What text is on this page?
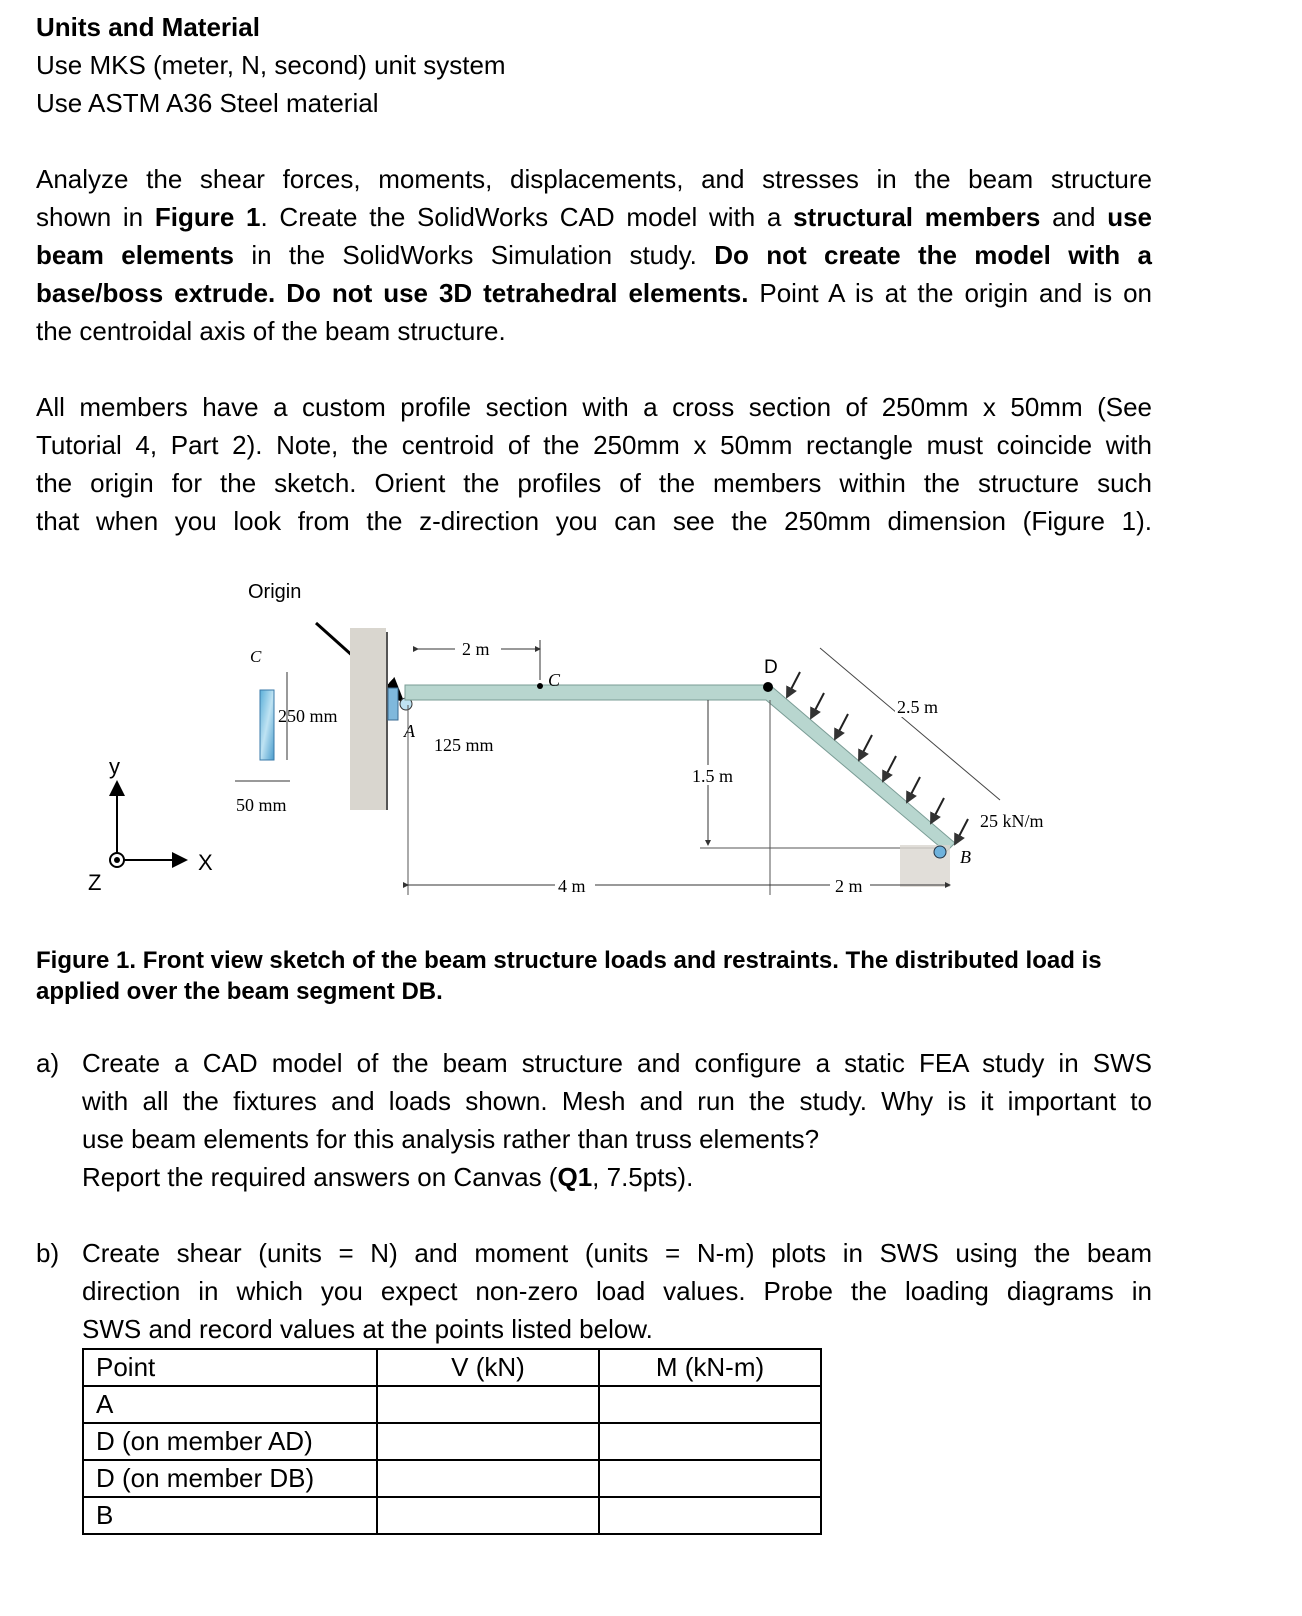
Units and Material
Use MKS (meter, N, second) unit system
Use ASTM A36 Steel material
Analyze the shear forces, moments, displacements, and stresses in the beam structure
shown in Figure 1. Create the SolidWorks CAD model with a structural members and use
beam elements in the SolidWorks Simulation study. Do not create the model with a
base/boss extrude. Do not use 3D tetrahedral elements. Point A is at the origin and is on
the centroidal axis of the beam structure.
All members have a custom profile section with a cross section of 250mm x 50mm (See
Tutorial 4, Part 2). Note, the centroid of the 250mm x 50mm rectangle must coincide with
the origin for the sketch. Orient the profiles of the members within the structure such
that when you look from the z-direction you can see the 250mm dimension (Figure 1).
Origin
C
250 mm
50 mm
C
D
A
125 mm
2 m
1.5 m
2.5 m
25 kN/m
B
4 m	2 m
y
X
Z
Figure 1. Front view sketch of the beam structure loads and restraints. The distributed load is applied over the beam segment DB.
a) Create a CAD model of the beam structure and configure a static FEA study in SWS
with all the fixtures and loads shown. Mesh and run the study. Why is it important to
use beam elements for this analysis rather than truss elements?
Report the required answers on Canvas (Q1, 7.5pts).
b) Create shear (units = N) and moment (units = N-m) plots in SWS using the beam
direction in which you expect non-zero load values. Probe the loading diagrams in
SWS and record values at the points listed below.
Point	V (kN)	M (kN-m)
A		
D (on member AD)		
D (on member DB)		
B		
